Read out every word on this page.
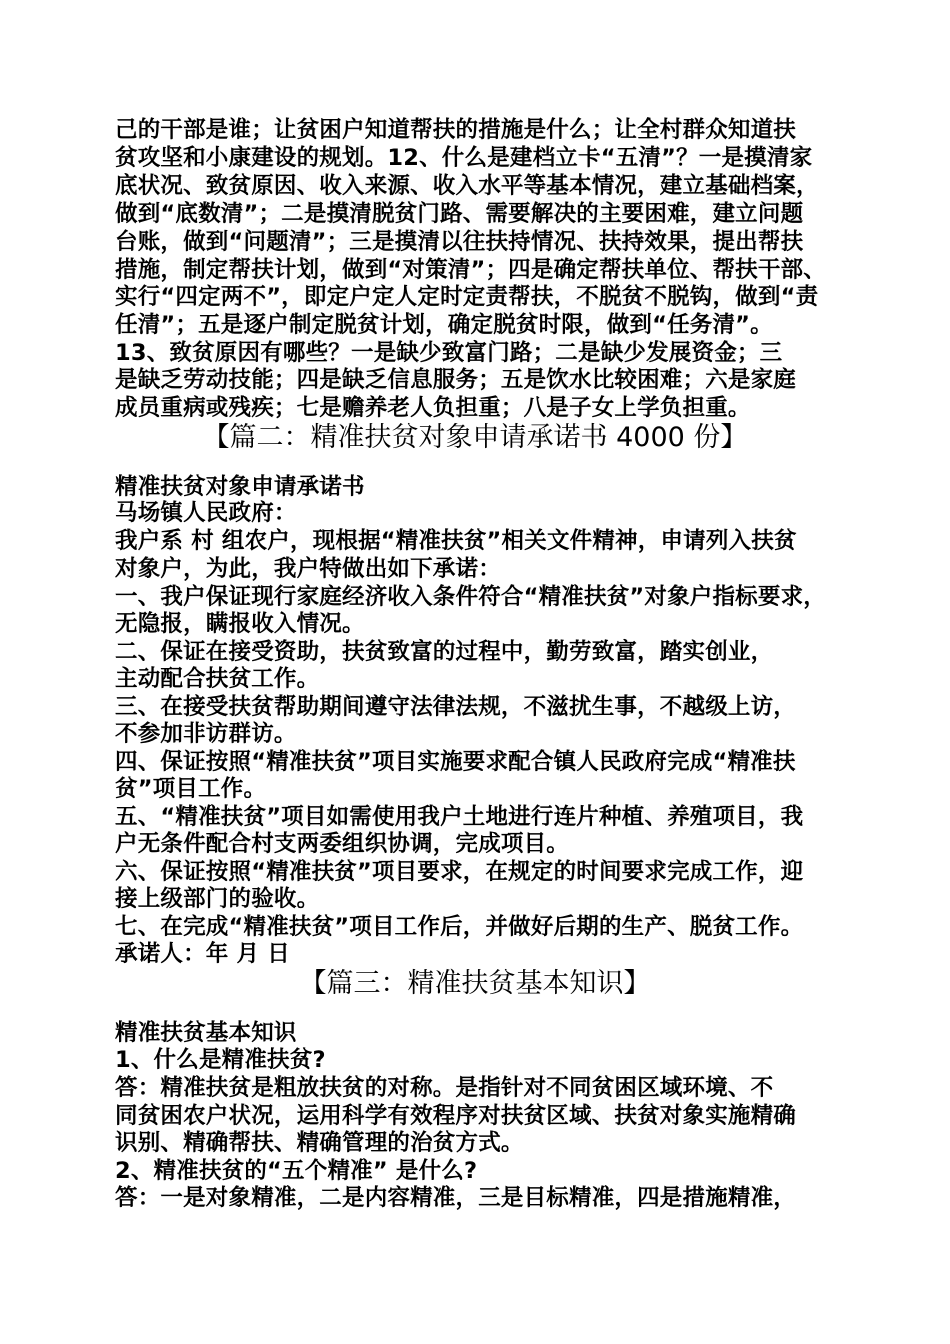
己的干部是谁；让贫困户知道帮扶的措施是什么；让全村群众知道扶
贫攻坚和小康建设的规划。12、什么是建档立卡“五清”？一是摸清家
底状况、致贫原因、收入来源、收入水平等基本情况，建立基础档案，
做到“底数清”；二是摸清脱贫门路、需要解决的主要困难，建立问题
台账，做到“问题清”；三是摸清以往扶持情况、扶持效果，提出帮扶
措施，制定帮扶计划，做到“对策清”；四是确定帮扶单位、帮扶干部、
实行“四定两不”，即定户定人定时定责帮扶，不脱贫不脱钩，做到“责
任清”；五是逐户制定脱贫计划，确定脱贫时限，做到“任务清”。
13、致贫原因有哪些？一是缺少致富门路；二是缺少发展资金；三
是缺乏劳动技能；四是缺乏信息服务；五是饮水比较困难；六是家庭
成员重病或残疾；七是赡养老人负担重；八是子女上学负担重。
【篇二：精准扶贫对象申请承诺书 4000 份】
精准扶贫对象申请承诺书
马场镇人民政府：
我户系 村 组农户，现根据“精准扶贫”相关文件精神，申请列入扶贫
对象户，为此，我户特做出如下承诺：
一、我户保证现行家庭经济收入条件符合“精准扶贫”对象户指标要求，
无隐报，瞒报收入情况。
二、保证在接受资助，扶贫致富的过程中，勤劳致富，踏实创业，
主动配合扶贫工作。
三、在接受扶贫帮助期间遵守法律法规，不滋扰生事，不越级上访，
不参加非访群访。
四、保证按照“精准扶贫”项目实施要求配合镇人民政府完成“精准扶
贫”项目工作。
五、“精准扶贫”项目如需使用我户土地进行连片种植、养殖项目，我
户无条件配合村支两委组织协调，完成项目。
六、保证按照“精准扶贫”项目要求，在规定的时间要求完成工作，迎
接上级部门的验收。
七、在完成“精准扶贫”项目工作后，并做好后期的生产、脱贫工作。
承诺人：年 月 日
【篇三：精准扶贫基本知识】
精准扶贫基本知识
1、什么是精准扶贫?
答：精准扶贫是粗放扶贫的对称。是指针对不同贫困区域环境、不
同贫困农户状况，运用科学有效程序对扶贫区域、扶贫对象实施精确
识别、精确帮扶、精确管理的治贫方式。
2、精准扶贫的“五个精准” 是什么?
答：一是对象精准，二是内容精准，三是目标精准，四是措施精准，
